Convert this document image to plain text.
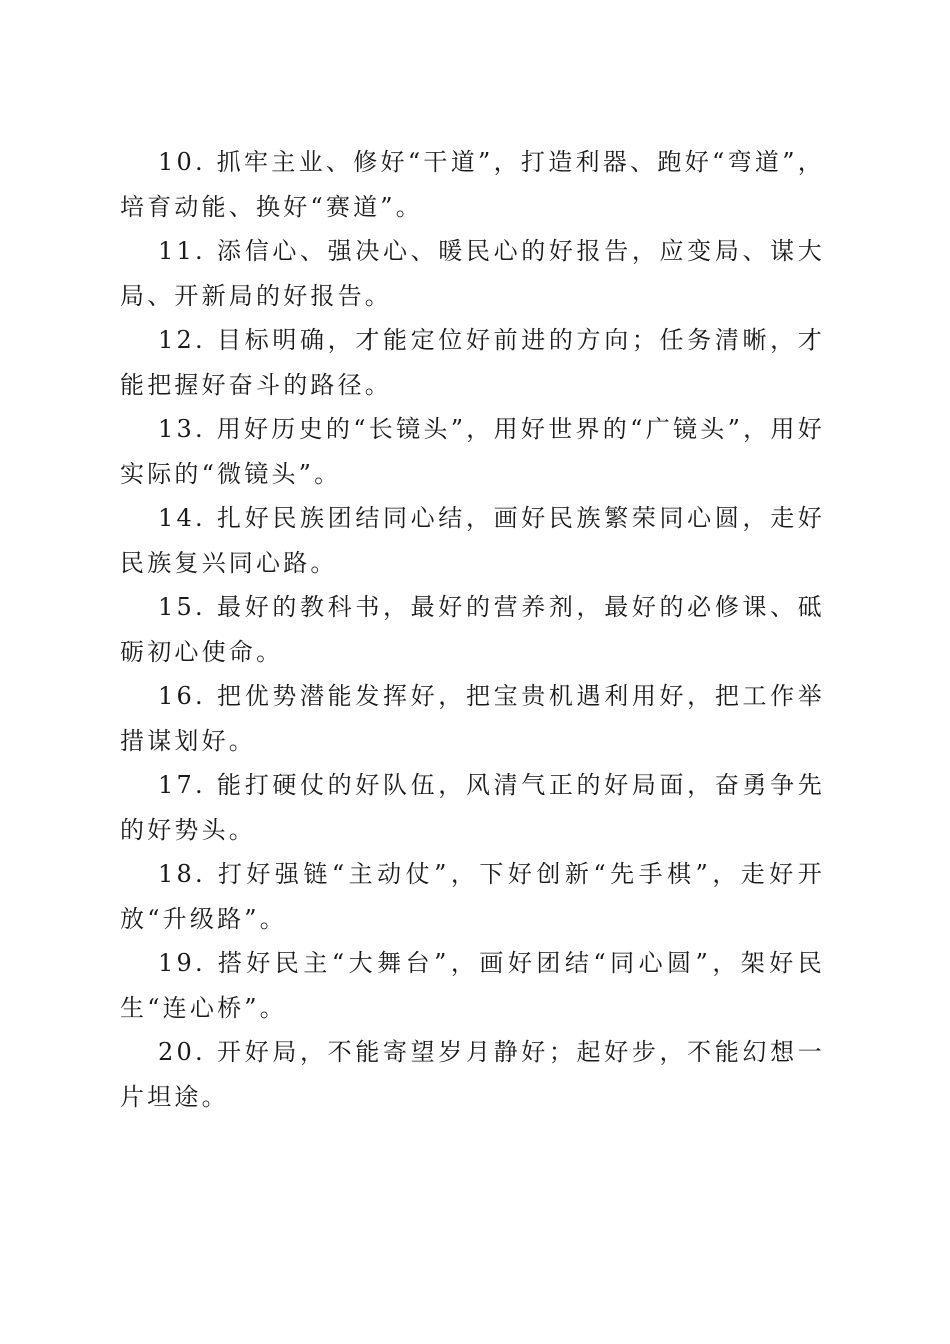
10. 抓牢主业、修好“干道”，打造利器、跑好“弯道”，培育动能、换好“赛道”。

11. 添信心、强决心、暖民心的好报告，应变局、谋大局、开新局的好报告。

12. 目标明确，才能定位好前进的方向；任务清晰，才能把握好奋斗的路径。

13. 用好历史的“长镜头”，用好世界的“广镜头”，用好实际的“微镜头”。

14. 扎好民族团结同心结，画好民族繁荣同心圆，走好民族复兴同心路。

15. 最好的教科书，最好的营养剂，最好的必修课、砥砺初心使命。

16. 把优势潜能发挥好，把宝贵机遇利用好，把工作举措谋划好。

17. 能打硬仗的好队伍，风清气正的好局面，奋勇争先的好势头。

18. 打好强链“主动仗”，下好创新“先手棋”，走好开放“升级路”。

19. 搭好民主“大舞台”，画好团结“同心圆”，架好民生“连心桥”。

20. 开好局，不能寄望岁月静好；起好步，不能幻想一片坦途。
